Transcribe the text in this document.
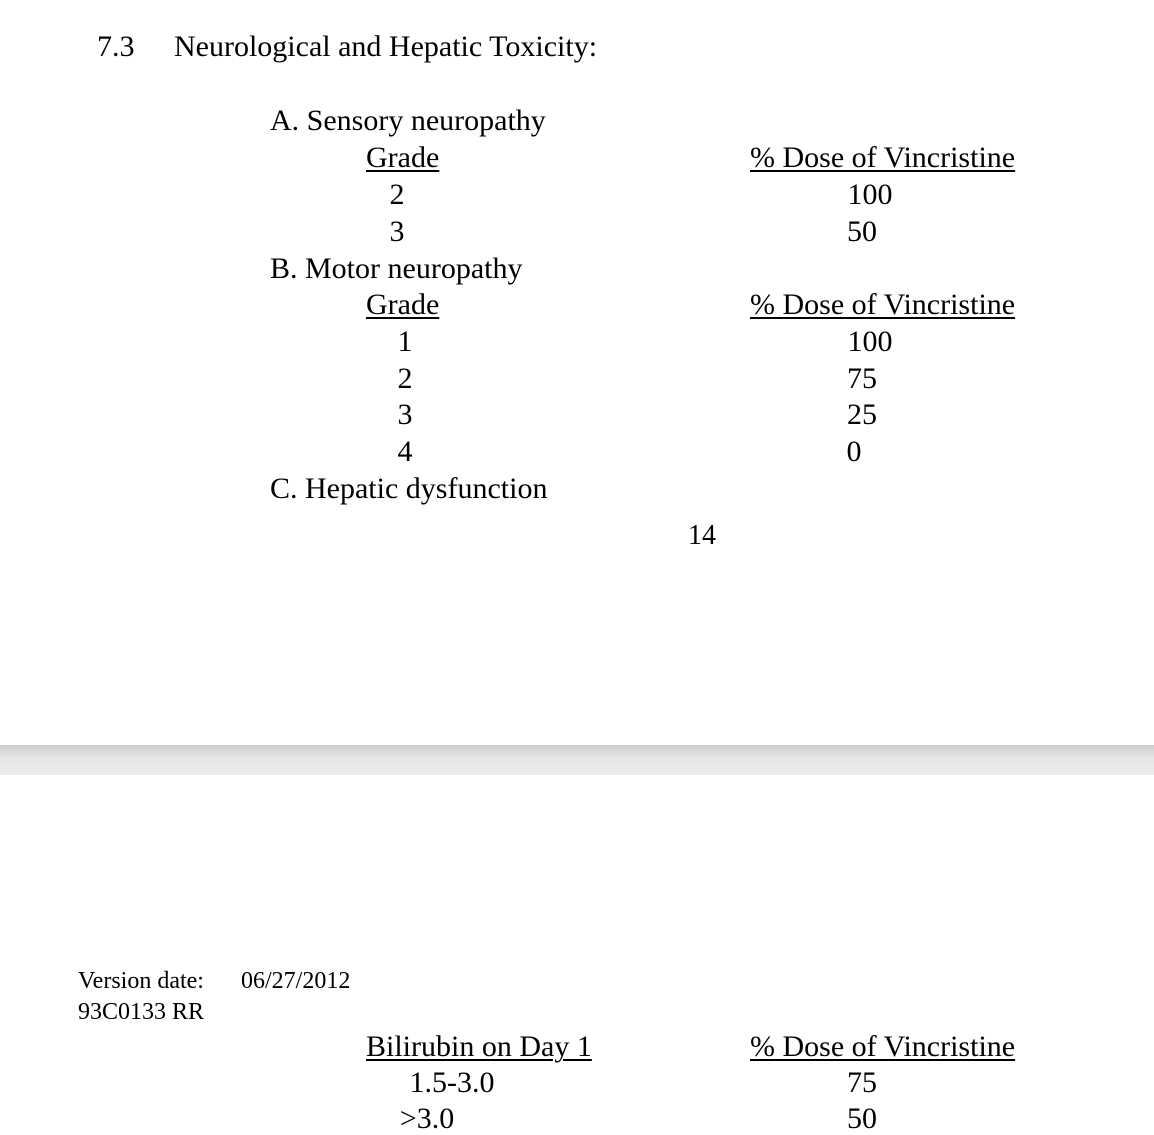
7.3 Neurological and Hepatic Toxicity:
A. Sensory neuropathy
Grade	% Dose of Vincristine
2	100
3	50
B. Motor neuropathy
Grade	% Dose of Vincristine
1	100
2	75
3	25
4	0
C. Hepatic dysfunction
14
Version date: 06/27/2012
93C0133 RR
Bilirubin on Day 1	% Dose of Vincristine
1.5-3.0	75
>3.0	50
